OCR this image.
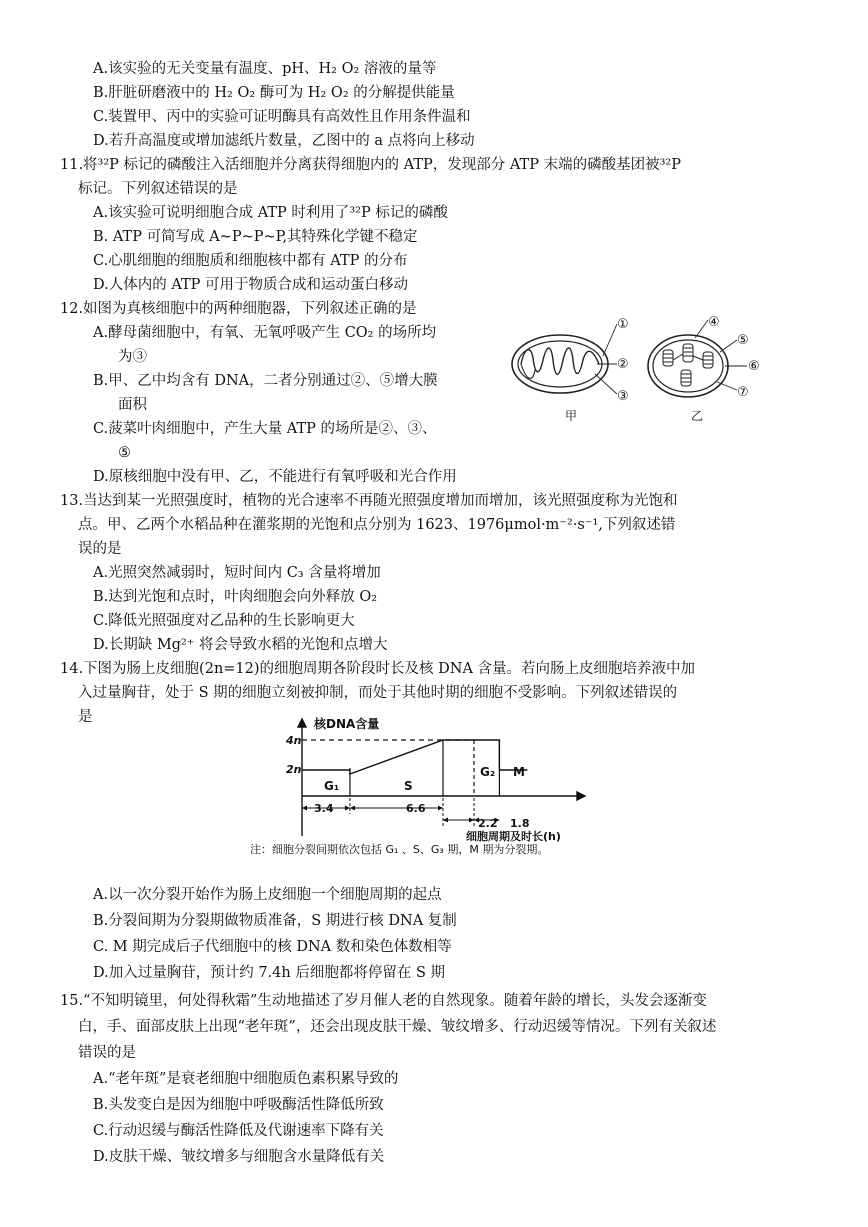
A.该实验的无关变量有温度、pH、H₂ O₂ 溶液的量等
B.肝脏研磨液中的 H₂ O₂ 酶可为 H₂ O₂ 的分解提供能量
C.装置甲、丙中的实验可证明酶具有高效性且作用条件温和
D.若升高温度或增加滤纸片数量，乙图中的 a 点将向上移动
11.将³²P 标记的磷酸注入活细胞并分离获得细胞内的 ATP，发现部分 ATP 末端的磷酸基团被³²P
标记。下列叙述错误的是
A.该实验可说明细胞合成 ATP 时利用了³²P 标记的磷酸
B. ATP 可简写成 A~P~P~P,其特殊化学键不稳定
C.心肌细胞的细胞质和细胞核中都有 ATP 的分布
D.人体内的 ATP 可用于物质合成和运动蛋白移动
12.如图为真核细胞中的两种细胞器，下列叙述正确的是
A.酵母菌细胞中，有氧、无氧呼吸产生 CO₂ 的场所均
为③
B.甲、乙中均含有 DNA，二者分别通过②、⑤增大膜
面积
C.菠菜叶肉细胞中，产生大量 ATP 的场所是②、③、
⑤
D.原核细胞中没有甲、乙，不能进行有氧呼吸和光合作用
①
②
③
④
⑤
⑥
⑦
甲	乙
13.当达到某一光照强度时，植物的光合速率不再随光照强度增加而增加，该光照强度称为光饱和
点。甲、乙两个水稻品种在灌浆期的光饱和点分别为 1623、1976μmol·m⁻²·s⁻¹,下列叙述错
误的是
A.光照突然减弱时，短时间内 C₃ 含量将增加
B.达到光饱和点时，叶肉细胞会向外释放 O₂
C.降低光照强度对乙品种的生长影响更大
D.长期缺 Mg²⁺ 将会导致水稻的光饱和点增大
14.下图为肠上皮细胞(2n=12)的细胞周期各阶段时长及核 DNA 含量。若向肠上皮细胞培养液中加
入过量胸苷，处于 S 期的细胞立刻被抑制，而处于其他时期的细胞不受影响。下列叙述错误的
是	核DNA含量
4n
2n
G₁	S
G₂ M
3.4	6.6
2.2 1.8
细胞周期及时长(h)
注：细胞分裂间期依次包括 G₁ 、S、G₃ 期，M 期为分裂期。
A.以一次分裂开始作为肠上皮细胞一个细胞周期的起点
B.分裂间期为分裂期做物质准备，S 期进行核 DNA 复制
C. M 期完成后子代细胞中的核 DNA 数和染色体数相等
D.加入过量胸苷，预计约 7.4h 后细胞都将停留在 S 期
15.“不知明镜里，何处得秋霜”生动地描述了岁月催人老的自然现象。随着年龄的增长，头发会逐渐变
白，手、面部皮肤上出现“老年斑”，还会出现皮肤干燥、皱纹增多、行动迟缓等情况。下列有关叙述
错误的是
A.“老年斑”是衰老细胞中细胞质色素积累导致的
B.头发变白是因为细胞中呼吸酶活性降低所致
C.行动迟缓与酶活性降低及代谢速率下降有关
D.皮肤干燥、皱纹增多与细胞含水量降低有关
